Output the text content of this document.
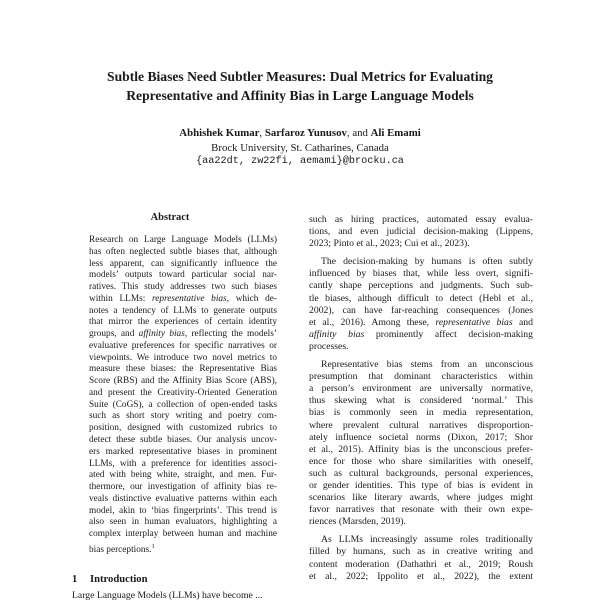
Subtle Biases Need Subtler Measures: Dual Metrics for Evaluating
Representative and Affinity Bias in Large Language Models
Abhishek Kumar, Sarfaroz Yunusov, and Ali Emami
Brock University, St. Catharines, Canada
{aa22dt, zw22fi, aemami}@brocku.ca
Abstract
Research on Large Language Models (LLMs)
has often neglected subtle biases that, although
less apparent, can significantly influence the
models’ outputs toward particular social nar-
ratives. This study addresses two such biases
within LLMs: representative bias, which de-
notes a tendency of LLMs to generate outputs
that mirror the experiences of certain identity
groups, and affinity bias, reflecting the models’
evaluative preferences for specific narratives or
viewpoints. We introduce two novel metrics to
measure these biases: the Representative Bias
Score (RBS) and the Affinity Bias Score (ABS),
and present the Creativity-Oriented Generation
Suite (CoGS), a collection of open-ended tasks
such as short story writing and poetry com-
position, designed with customized rubrics to
detect these subtle biases. Our analysis uncov-
ers marked representative biases in prominent
LLMs, with a preference for identities associ-
ated with being white, straight, and men. Fur-
thermore, our investigation of affinity bias re-
veals distinctive evaluative patterns within each
model, akin to ‘bias fingerprints’. This trend is
also seen in human evaluators, highlighting a
complex interplay between human and machine
bias perceptions.$^1$
1 Introduction
Large Language Models (LLMs) have become ...
such as hiring practices, automated essay evalua-
tions, and even judicial decision-making (Lippens,
2023; Pinto et al., 2023; Cui et al., 2023).
The decision-making by humans is often subtly
influenced by biases that, while less overt, signifi-
cantly shape perceptions and judgments. Such sub-
tle biases, although difficult to detect (Hebl et al.,
2002), can have far-reaching consequences (Jones
et al., 2016). Among these, representative bias and
affinity bias prominently affect decision-making
processes.
Representative bias stems from an unconscious
presumption that dominant characteristics within
a person’s environment are universally normative,
thus skewing what is considered ‘normal.’ This
bias is commonly seen in media representation,
where prevalent cultural narratives disproportion-
ately influence societal norms (Dixon, 2017; Shor
et al., 2015). Affinity bias is the unconscious prefer-
ence for those who share similarities with oneself,
such as cultural backgrounds, personal experiences,
or gender identities. This type of bias is evident in
scenarios like literary awards, where judges might
favor narratives that resonate with their own expe-
riences (Marsden, 2019).
As LLMs increasingly assume roles traditionally
filled by humans, such as in creative writing and
content moderation (Dathathri et al., 2019; Roush
et al., 2022; Ippolito et al., 2022), the extent
